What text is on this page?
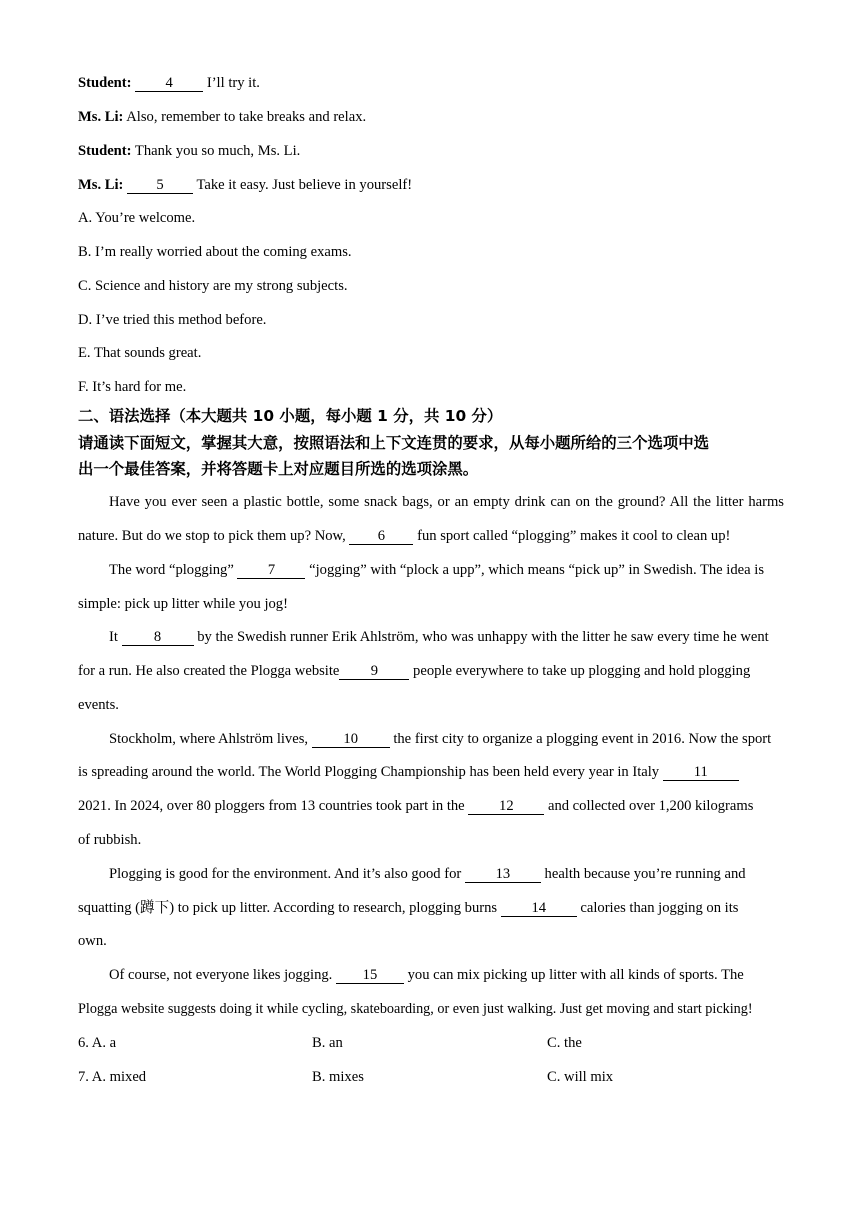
Student: 4 I’ll try it.
Ms. Li: Also, remember to take breaks and relax.
Student: Thank you so much, Ms. Li.
Ms. Li: 5 Take it easy. Just believe in yourself!
A. You’re welcome.
B. I’m really worried about the coming exams.
C. Science and history are my strong subjects.
D. I’ve tried this method before.
E. That sounds great.
F. It’s hard for me.
二、语法选择（本大题共 10 小题，每小题 1 分，共 10 分）
请通读下面短文，掌握其大意，按照语法和上下文连贯的要求，从每小题所给的三个选项中选
出一个最佳答案，并将答题卡上对应题目所选的选项涂黑。
Have you ever seen a plastic bottle, some snack bags, or an empty drink can on the ground? All the litter harms
nature. But do we stop to pick them up? Now, 6 fun sport called “plogging” makes it cool to clean up!
The word “plogging” 7 “jogging” with “plock a upp”, which means “pick up” in Swedish. The idea is
simple: pick up litter while you jog!
It 8 by the Swedish runner Erik Ahlström, who was unhappy with the litter he saw every time he went
for a run. He also created the Plogga website 9 people everywhere to take up plogging and hold plogging
events.
Stockholm, where Ahlström lives, 10 the first city to organize a plogging event in 2016. Now the sport
is spreading around the world. The World Plogging Championship has been held every year in Italy 11
2021. In 2024, over 80 ploggers from 13 countries took part in the 12 and collected over 1,200 kilograms
of rubbish.
Plogging is good for the environment. And it’s also good for 13 health because you’re running and
squatting (蹲下) to pick up litter. According to research, plogging burns 14 calories than jogging on its
own.
Of course, not everyone likes jogging. 15 you can mix picking up litter with all kinds of sports. The
Plogga website suggests doing it while cycling, skateboarding, or even just walking. Just get moving and start picking!
6. A. a	B. an	C. the
7. A. mixed	B. mixes	C. will mix
